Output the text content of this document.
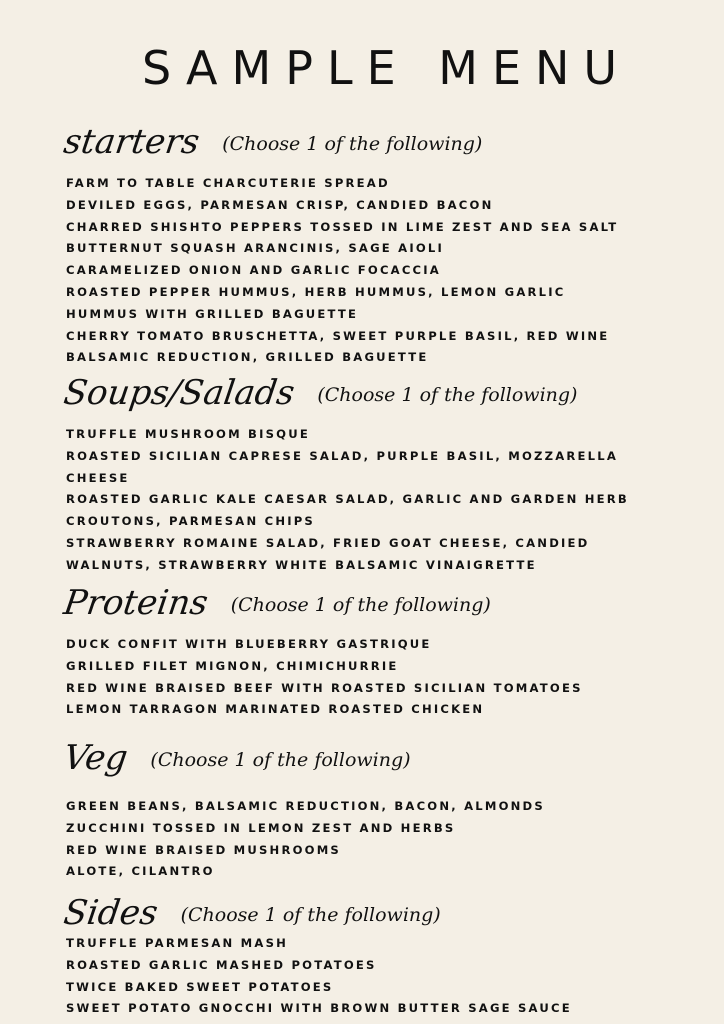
SAMPLE MENU
starters (Choose 1 of the following)
FARM TO TABLE CHARCUTERIE SPREAD
DEVILED EGGS, PARMESAN CRISP, CANDIED BACON
CHARRED SHISHTO PEPPERS TOSSED IN LIME ZEST AND SEA SALT
BUTTERNUT SQUASH ARANCINIS, SAGE AIOLI
CARAMELIZED ONION AND GARLIC FOCACCIA
ROASTED PEPPER HUMMUS, HERB HUMMUS, LEMON GARLIC
HUMMUS WITH GRILLED BAGUETTE
CHERRY TOMATO BRUSCHETTA, SWEET PURPLE BASIL, RED WINE
BALSAMIC REDUCTION, GRILLED BAGUETTE
Soups/Salads (Choose 1 of the following)
TRUFFLE MUSHROOM BISQUE
ROASTED SICILIAN CAPRESE SALAD, PURPLE BASIL, MOZZARELLA
CHEESE
ROASTED GARLIC KALE CAESAR SALAD, GARLIC AND GARDEN HERB
CROUTONS, PARMESAN CHIPS
STRAWBERRY ROMAINE SALAD, FRIED GOAT CHEESE, CANDIED
WALNUTS, STRAWBERRY WHITE BALSAMIC VINAIGRETTE
Proteins (Choose 1 of the following)
DUCK CONFIT WITH BLUEBERRY GASTRIQUE
GRILLED FILET MIGNON, CHIMICHURRIE
RED WINE BRAISED BEEF WITH ROASTED SICILIAN TOMATOES
LEMON TARRAGON MARINATED ROASTED CHICKEN
Veg (Choose 1 of the following)
GREEN BEANS, BALSAMIC REDUCTION, BACON, ALMONDS
ZUCCHINI TOSSED IN LEMON ZEST AND HERBS
RED WINE BRAISED MUSHROOMS
ALOTE, CILANTRO
Sides (Choose 1 of the following)
TRUFFLE PARMESAN MASH
ROASTED GARLIC MASHED POTATOES
TWICE BAKED SWEET POTATOES
SWEET POTATO GNOCCHI WITH BROWN BUTTER SAGE SAUCE
